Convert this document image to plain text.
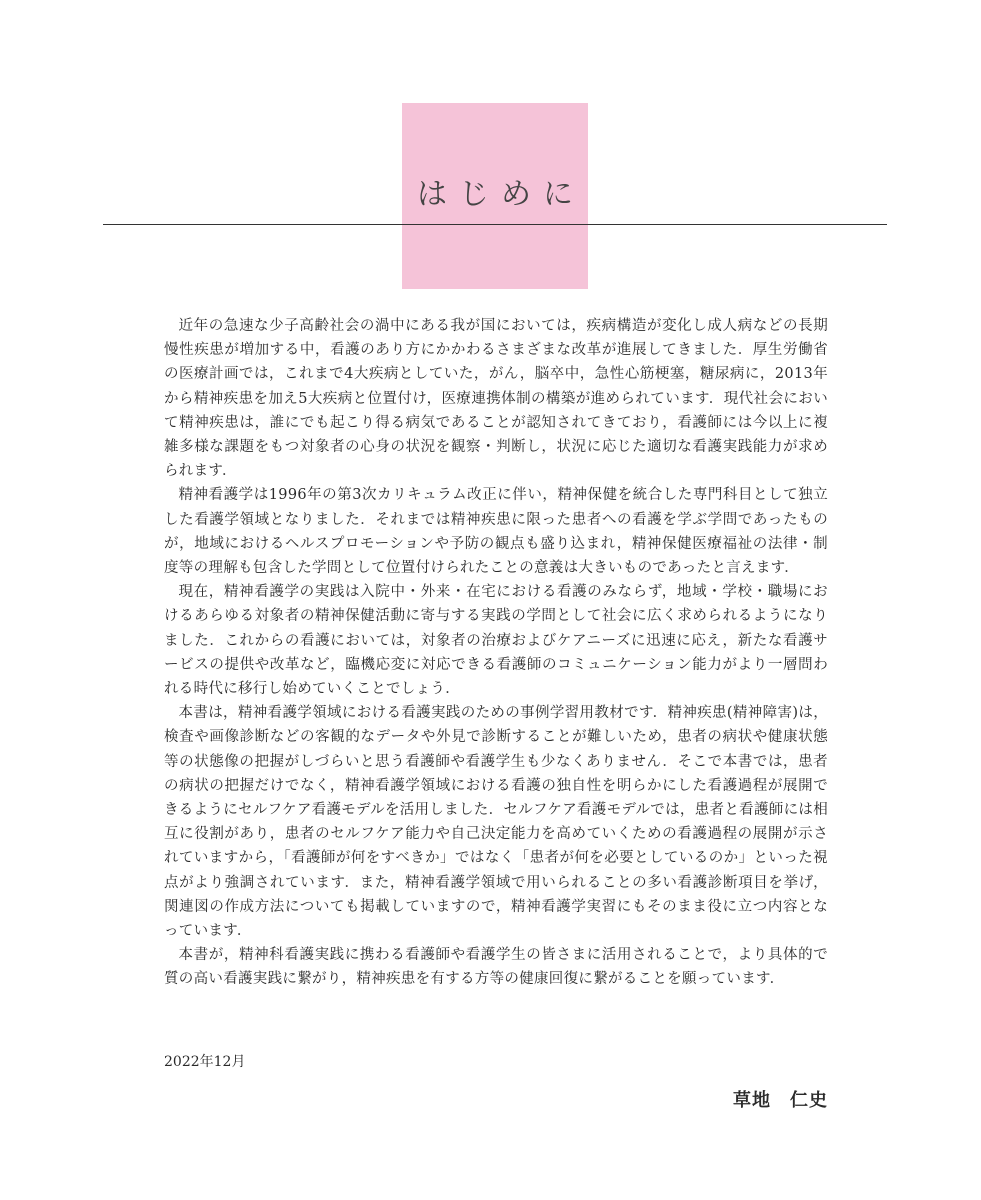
はじめに

近年の急速な少子高齢社会の渦中にある我が国においては，疾病構造が変化し成人病などの長期慢性疾患が増加する中，看護のあり方にかかわるさまざまな改革が進展してきました．厚生労働省の医療計画では，これまで4大疾病としていた，がん，脳卒中，急性心筋梗塞，糖尿病に，2013年から精神疾患を加え5大疾病と位置付け，医療連携体制の構築が進められています．現代社会において精神疾患は，誰にでも起こり得る病気であることが認知されてきており，看護師には今以上に複雑多様な課題をもつ対象者の心身の状況を観察・判断し，状況に応じた適切な看護実践能力が求められます．

精神看護学は1996年の第3次カリキュラム改正に伴い，精神保健を統合した専門科目として独立した看護学領域となりました．それまでは精神疾患に限った患者への看護を学ぶ学問であったものが，地域におけるヘルスプロモーションや予防の観点も盛り込まれ，精神保健医療福祉の法律・制度等の理解も包含した学問として位置付けられたことの意義は大きいものであったと言えます．

現在，精神看護学の実践は入院中・外来・在宅における看護のみならず，地域・学校・職場におけるあらゆる対象者の精神保健活動に寄与する実践の学問として社会に広く求められるようになりました．これからの看護においては，対象者の治療およびケアニーズに迅速に応え，新たな看護サービスの提供や改革など，臨機応変に対応できる看護師のコミュニケーション能力がより一層問われる時代に移行し始めていくことでしょう．

本書は，精神看護学領域における看護実践のための事例学習用教材です．精神疾患(精神障害)は，検査や画像診断などの客観的なデータや外見で診断することが難しいため，患者の病状や健康状態等の状態像の把握がしづらいと思う看護師や看護学生も少なくありません．そこで本書では，患者の病状の把握だけでなく，精神看護学領域における看護の独自性を明らかにした看護過程が展開できるようにセルフケア看護モデルを活用しました．セルフケア看護モデルでは，患者と看護師には相互に役割があり，患者のセルフケア能力や自己決定能力を高めていくための看護過程の展開が示されていますから，「看護師が何をすべきか」ではなく「患者が何を必要としているのか」といった視点がより強調されています．また，精神看護学領域で用いられることの多い看護診断項目を挙げ，関連図の作成方法についても掲載していますので，精神看護学実習にもそのまま役に立つ内容となっています．

本書が，精神科看護実践に携わる看護師や看護学生の皆さまに活用されることで，より具体的で質の高い看護実践に繋がり，精神疾患を有する方等の健康回復に繋がることを願っています．

2022年12月
草地　仁史
